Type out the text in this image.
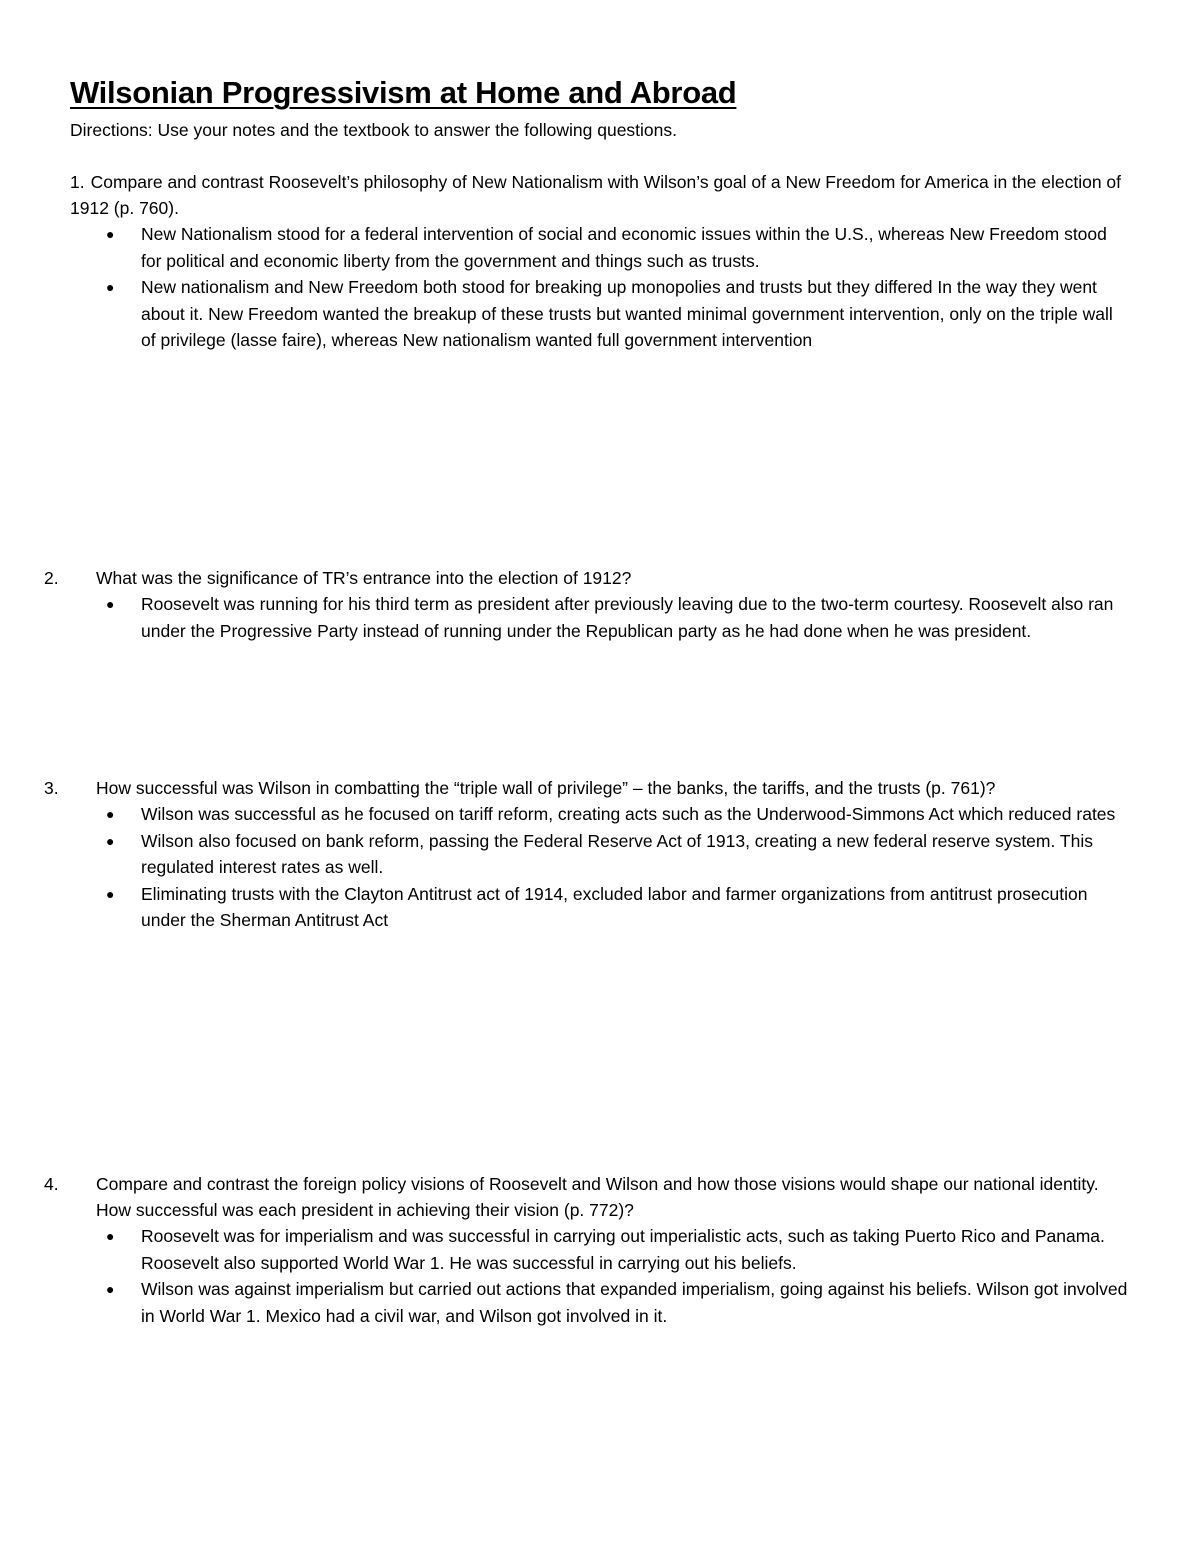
Wilsonian Progressivism at Home and Abroad
Directions: Use your notes and the textbook to answer the following questions.

1. Compare and contrast Roosevelt’s philosophy of New Nationalism with Wilson’s goal of a New Freedom for America in the election of 1912 (p. 760).

● New Nationalism stood for a federal intervention of social and economic issues within the U.S., whereas New Freedom stood for political and economic liberty from the government and things such as trusts.
● New nationalism and New Freedom both stood for breaking up monopolies and trusts but they differed In the way they went about it. New Freedom wanted the breakup of these trusts but wanted minimal government intervention, only on the triple wall of privilege (lasse faire), whereas New nationalism wanted full government intervention

2. What was the significance of TR’s entrance into the election of 1912?

● Roosevelt was running for his third term as president after previously leaving due to the two-term courtesy. Roosevelt also ran under the Progressive Party instead of running under the Republican party as he had done when he was president.

3. How successful was Wilson in combatting the “triple wall of privilege” – the banks, the tariffs, and the trusts (p. 761)?

● Wilson was successful as he focused on tariff reform, creating acts such as the Underwood-Simmons Act which reduced rates
● Wilson also focused on bank reform, passing the Federal Reserve Act of 1913, creating a new federal reserve system. This regulated interest rates as well.
● Eliminating trusts with the Clayton Antitrust act of 1914, excluded labor and farmer organizations from antitrust prosecution under the Sherman Antitrust Act

4. Compare and contrast the foreign policy visions of Roosevelt and Wilson and how those visions would shape our national identity. How successful was each president in achieving their vision (p. 772)?

● Roosevelt was for imperialism and was successful in carrying out imperialistic acts, such as taking Puerto Rico and Panama. Roosevelt also supported World War 1. He was successful in carrying out his beliefs.
● Wilson was against imperialism but carried out actions that expanded imperialism, going against his beliefs. Wilson got involved in World War 1. Mexico had a civil war, and Wilson got involved in it.
